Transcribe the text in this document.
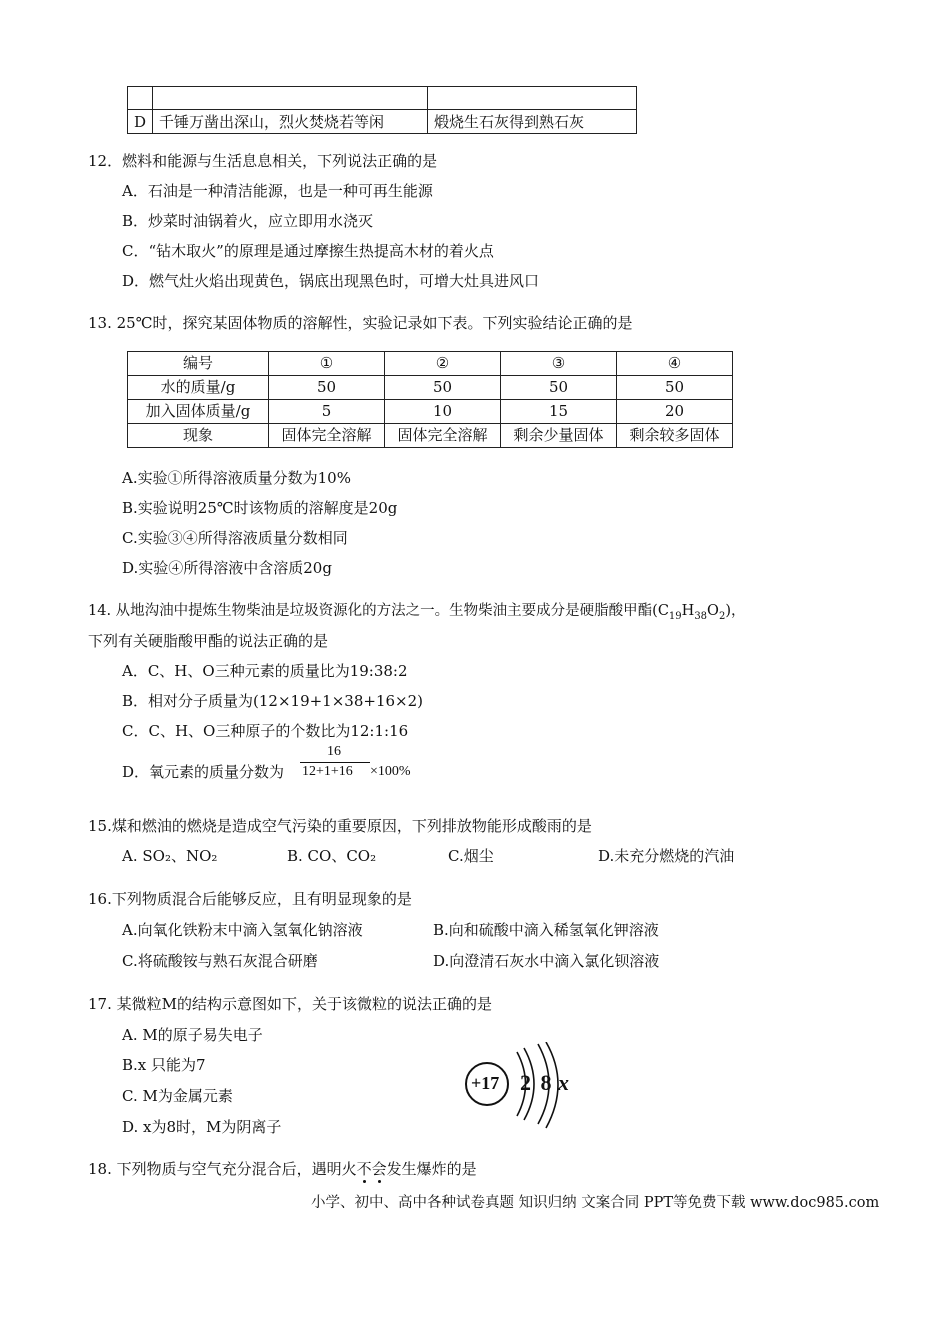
D	千锤万凿出深山，烈火焚烧若等闲	煅烧生石灰得到熟石灰
12．燃料和能源与生活息息相关，下列说法正确的是
A．石油是一种清洁能源，也是一种可再生能源
B．炒菜时油锅着火，应立即用水浇灭
C．“钻木取火”的原理是通过摩擦生热提高木材的着火点
D．燃气灶火焰出现黄色，锅底出现黑色时，可增大灶具进风口
13. 25℃时，探究某固体物质的溶解性，实验记录如下表。下列实验结论正确的是
编号	①	②	③	④
水的质量/g	50	50	50	50
加入固体质量/g	5	10	15	20
现象	固体完全溶解	固体完全溶解	剩余少量固体	剩余较多固体
A.实验①所得溶液质量分数为10%
B.实验说明25℃时该物质的溶解度是20g
C.实验③④所得溶液质量分数相同
D.实验④所得溶液中含溶质20g
14. 从地沟油中提炼生物柴油是垃圾资源化的方法之一。生物柴油主要成分是硬脂酸甲酯$(C_{19}H_{38}O_2)$，
下列有关硬脂酸甲酯的说法正确的是
A．C、H、O三种元素的质量比为19:38:2
B．相对分子质量为(12×19+1×38+16×2)
C．C、H、O三种原子的个数比为12:1:16
D．氧元素的质量分数为
16
12+1+16 ×100%
15.煤和燃油的燃烧是造成空气污染的重要原因，下列排放物能形成酸雨的是
A. SO₂、NO₂	B. CO、CO₂	C.烟尘	D.未充分燃烧的汽油
16.下列物质混合后能够反应，且有明显现象的是
A.向氧化铁粉末中滴入氢氧化钠溶液	B.向和硫酸中滴入稀氢氧化钾溶液
C.将硫酸铵与熟石灰混合研磨	D.向澄清石灰水中滴入氯化钡溶液
17. 某微粒M的结构示意图如下，关于该微粒的说法正确的是
A. M的原子易失电子
B.x 只能为7
C. M为金属元素
D. x为8时，M为阴离子
+17 2 8 x
18. 下列物质与空气充分混合后，遇明火不会发生爆炸的是
小学、初中、高中各种试卷真题 知识归纳 文案合同 PPT等免费下载 www.doc985.com
